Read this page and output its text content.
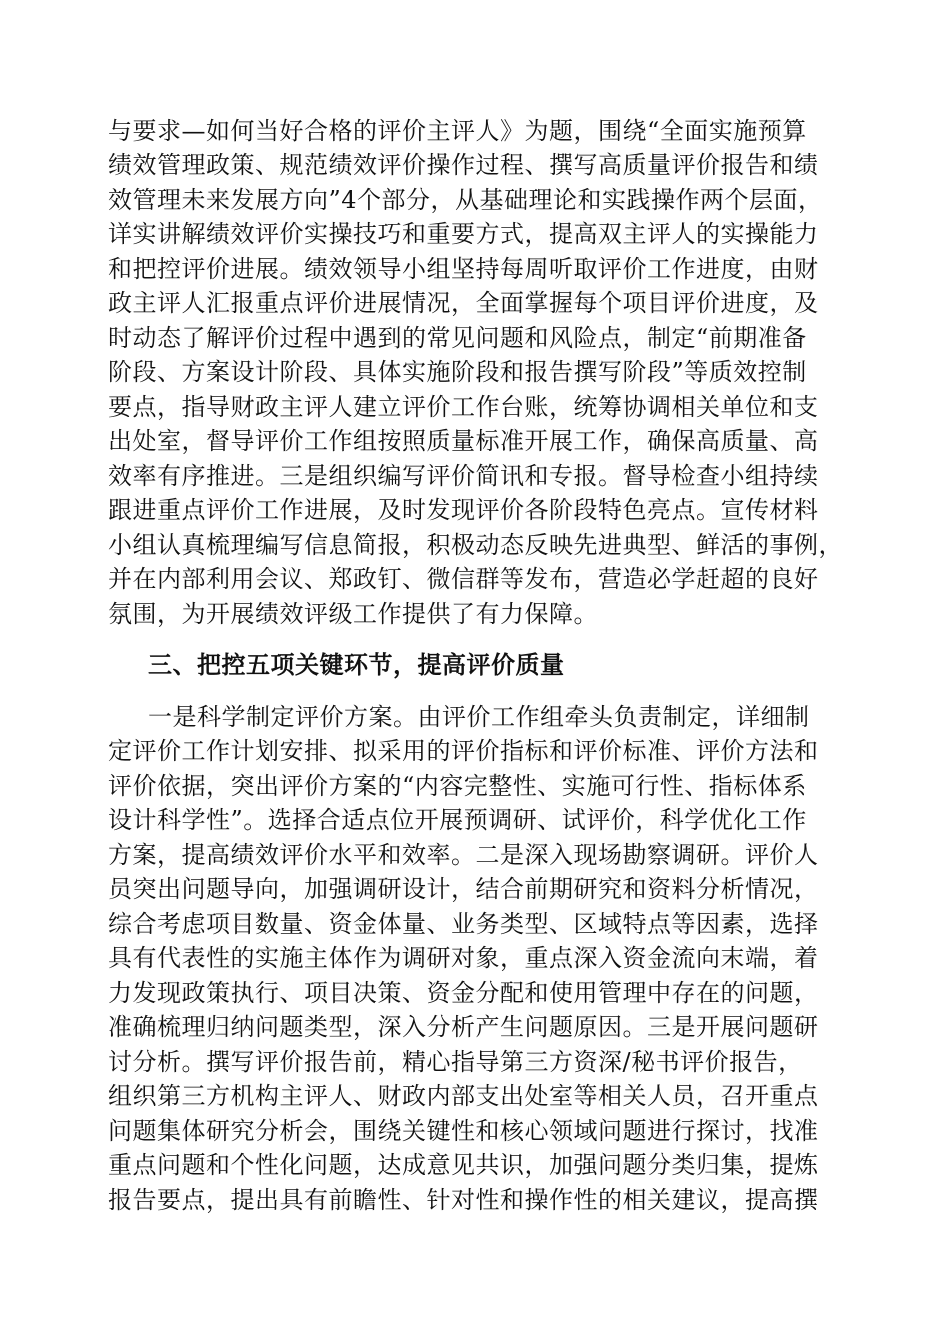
与要求—如何当好合格的评价主评人》为题，围绕“全面实施预算
绩效管理政策、规范绩效评价操作过程、撰写高质量评价报告和绩
效管理未来发展方向”4个部分，从基础理论和实践操作两个层面，
详实讲解绩效评价实操技巧和重要方式，提高双主评人的实操能力
和把控评价进展。绩效领导小组坚持每周听取评价工作进度，由财
政主评人汇报重点评价进展情况，全面掌握每个项目评价进度，及
时动态了解评价过程中遇到的常见问题和风险点，制定“前期准备
阶段、方案设计阶段、具体实施阶段和报告撰写阶段”等质效控制
要点，指导财政主评人建立评价工作台账，统筹协调相关单位和支
出处室，督导评价工作组按照质量标准开展工作，确保高质量、高
效率有序推进。三是组织编写评价简讯和专报。督导检查小组持续
跟进重点评价工作进展，及时发现评价各阶段特色亮点。宣传材料
小组认真梳理编写信息简报，积极动态反映先进典型、鲜活的事例，
并在内部利用会议、郑政钉、微信群等发布，营造必学赶超的良好
氛围，为开展绩效评级工作提供了有力保障。
三、把控五项关键环节，提高评价质量
一是科学制定评价方案。由评价工作组牵头负责制定，详细制
定评价工作计划安排、拟采用的评价指标和评价标准、评价方法和
评价依据，突出评价方案的“内容完整性、实施可行性、指标体系
设计科学性”。选择合适点位开展预调研、试评价，科学优化工作
方案，提高绩效评价水平和效率。二是深入现场勘察调研。评价人
员突出问题导向，加强调研设计，结合前期研究和资料分析情况，
综合考虑项目数量、资金体量、业务类型、区域特点等因素，选择
具有代表性的实施主体作为调研对象，重点深入资金流向末端，着
力发现政策执行、项目决策、资金分配和使用管理中存在的问题，
准确梳理归纳问题类型，深入分析产生问题原因。三是开展问题研
讨分析。撰写评价报告前，精心指导第三方资深/秘书评价报告，
组织第三方机构主评人、财政内部支出处室等相关人员，召开重点
问题集体研究分析会，围绕关键性和核心领域问题进行探讨，找准
重点问题和个性化问题，达成意见共识，加强问题分类归集，提炼
报告要点，提出具有前瞻性、针对性和操作性的相关建议，提高撰
